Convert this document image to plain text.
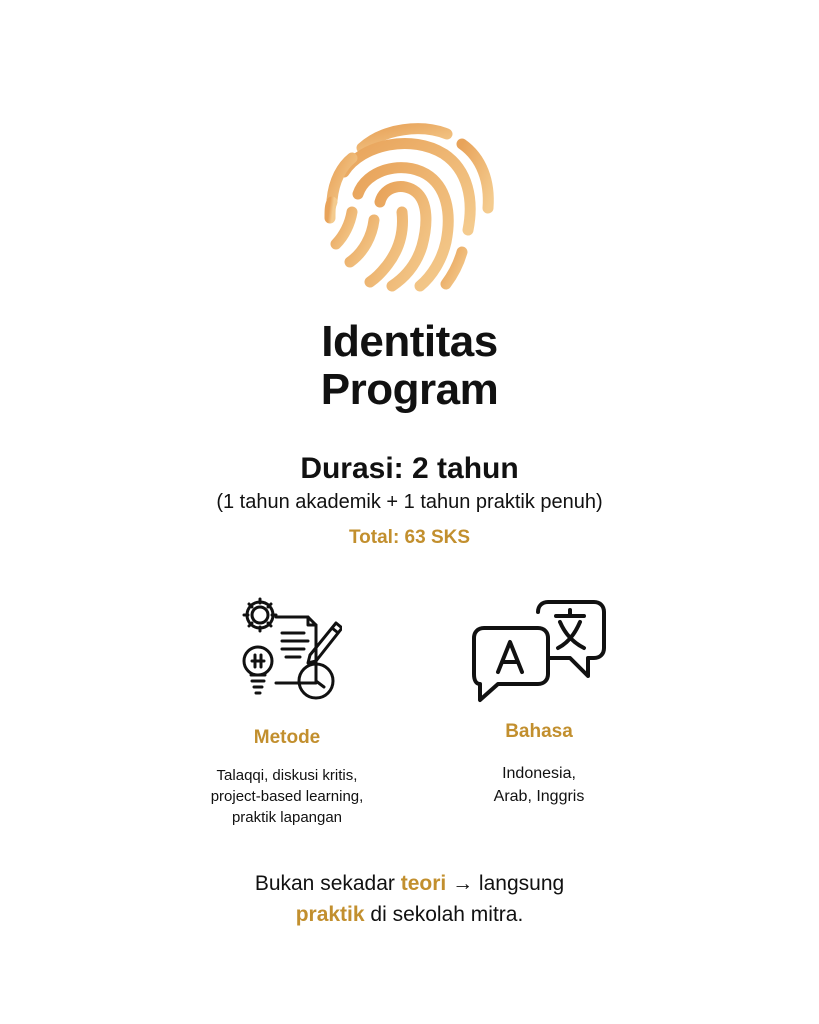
Identitas
Program
Durasi: 2 tahun
(1 tahun akademik + 1 tahun praktik penuh)
Total: 63 SKS
Metode
Talaqqi, diskusi kritis,
project-based learning,
praktik lapangan
Bahasa
Indonesia,
Arab, Inggris
Bukan sekadar teori → langsung
praktik di sekolah mitra.
